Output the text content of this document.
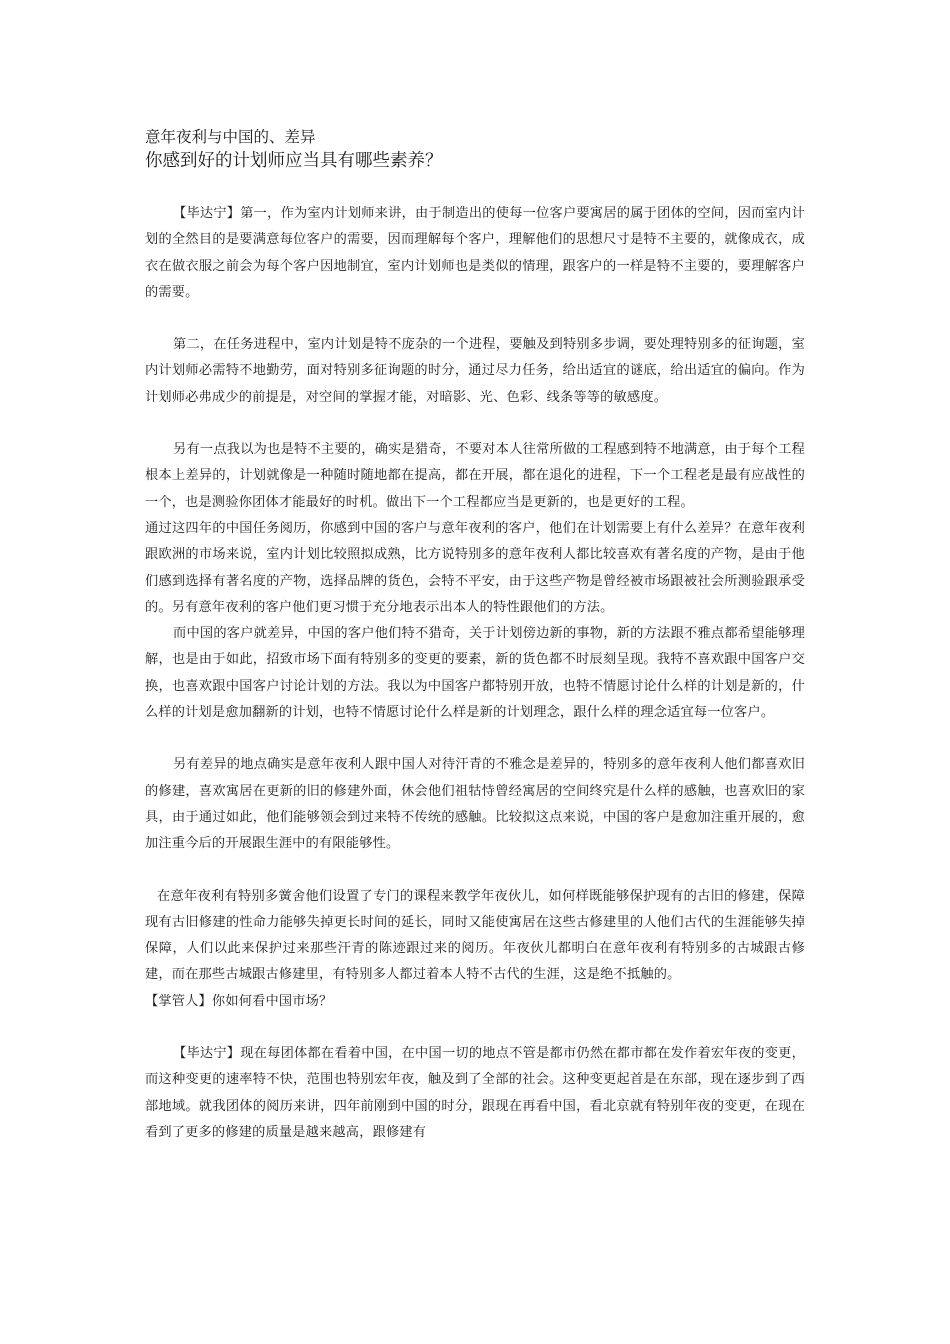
意年夜利与中国的、差异

你感到好的计划师应当具有哪些素养？

【毕达宁】第一，作为室内计划师来讲，由于制造出的使每一位客户要寓居的属于团体的空间，因而室内计划的全然目的是要满意每位客户的需要，因而理解每个客户，理解他们的思想尺寸是特不主要的，就像成衣，成衣在做衣服之前会为每个客户因地制宜，室内计划师也是类似的情理，跟客户的一样是特不主要的，要理解客户的需要。

第二，在任务进程中，室内计划是特不庞杂的一个进程，要触及到特别多步调，要处理特别多的征询题，室内计划师必需特不地勤劳，面对特别多征询题的时分，通过尽力任务，给出适宜的谜底，给出适宜的偏向。作为计划师必弗成少的前提是，对空间的掌握才能，对暗影、光、色彩、线条等等的敏感度。

另有一点我以为也是特不主要的，确实是猎奇，不要对本人往常所做的工程感到特不地满意，由于每个工程根本上差异的，计划就像是一种随时随地都在提高，都在开展，都在退化的进程，下一个工程老是最有应战性的一个，也是测验你团体才能最好的时机。做出下一个工程都应当是更新的，也是更好的工程。

通过这四年的中国任务阅历，你感到中国的客户与意年夜利的客户，他们在计划需要上有什么差异？在意年夜利跟欧洲的市场来说，室内计划比较照拟成熟，比方说特别多的意年夜利人都比较喜欢有著名度的产物，是由于他们感到选择有著名度的产物，选择品牌的货色，会特不平安，由于这些产物是曾经被市场跟被社会所测验跟承受的。另有意年夜利的客户他们更习惯于充分地表示出本人的特性跟他们的方法。

而中国的客户就差异，中国的客户他们特不猎奇，关于计划傍边新的事物，新的方法跟不雅点都希望能够理解，也是由于如此，招致市场下面有特别多的变更的要素，新的货色都不时辰刻呈现。我特不喜欢跟中国客户交换，也喜欢跟中国客户讨论计划的方法。我以为中国客户都特别开放，也特不情愿讨论什么样的计划是新的，什么样的计划是愈加翻新的计划，也特不情愿讨论什么样是新的计划理念，跟什么样的理念适宜每一位客户。

另有差异的地点确实是意年夜利人跟中国人对待汗青的不雅念是差异的，特别多的意年夜利人他们都喜欢旧的修建，喜欢寓居在更新的旧的修建外面，休会他们祖牯恃曾经寓居的空间终究是什么样的感触，也喜欢旧的家具，由于通过如此，他们能够领会到过来特不传统的感触。比较拟这点来说，中国的客户是愈加注重开展的，愈加注重今后的开展跟生涯中的有限能够性。

在意年夜利有特别多黉舍他们设置了专门的课程来教学年夜伙儿，如何样既能够保护现有的古旧的修建，保障现有古旧修建的性命力能够失掉更长时间的延长，同时又能使寓居在这些古修建里的人他们古代的生涯能够失掉保障，人们以此来保护过来那些汗青的陈迹跟过来的阅历。年夜伙儿都明白在意年夜利有特别多的古城跟古修建，而在那些古城跟古修建里，有特别多人都过着本人特不古代的生涯，这是绝不抵触的。

【掌管人】你如何看中国市场？

【毕达宁】现在每团体都在看着中国，在中国一切的地点不管是都市仍然在都市都在发作着宏年夜的变更，而这种变更的速率特不快，范围也特别宏年夜，触及到了全部的社会。这种变更起首是在东部，现在逐步到了西部地域。就我团体的阅历来讲，四年前刚到中国的时分，跟现在再看中国，看北京就有特别年夜的变更，在现在看到了更多的修建的质量是越来越高，跟修建有
